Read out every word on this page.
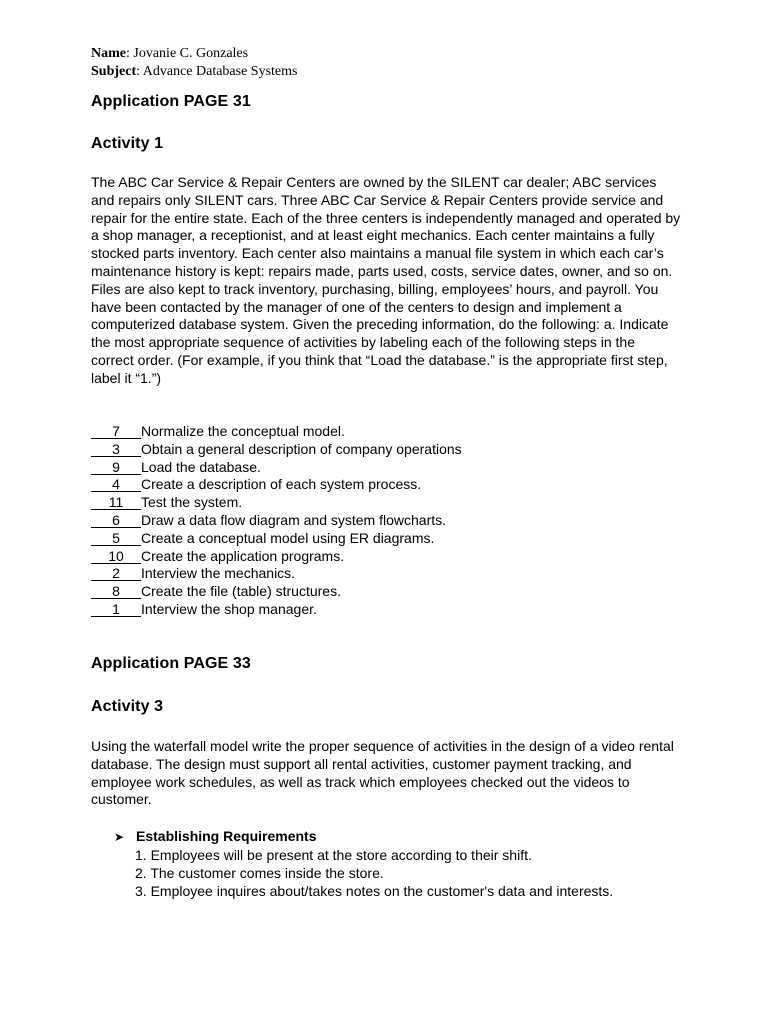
Name: Jovanie C. Gonzales
Subject: Advance Database Systems
Application PAGE 31
Activity 1

The ABC Car Service & Repair Centers are owned by the SILENT car dealer; ABC services and repairs only SILENT cars. Three ABC Car Service & Repair Centers provide service and repair for the entire state. Each of the three centers is independently managed and operated by a shop manager, a receptionist, and at least eight mechanics. Each center maintains a fully stocked parts inventory. Each center also maintains a manual file system in which each car’s maintenance history is kept: repairs made, parts used, costs, service dates, owner, and so on. Files are also kept to track inventory, purchasing, billing, employees’ hours, and payroll. You have been contacted by the manager of one of the centers to design and implement a computerized database system. Given the preceding information, do the following: a. Indicate the most appropriate sequence of activities by labeling each of the following steps in the correct order. (For example, if you think that “Load the database.” is the appropriate first step, label it “1.”)

7 Normalize the conceptual model.
3 Obtain a general description of company operations
9 Load the database.
4 Create a description of each system process.
11 Test the system.
6 Draw a data flow diagram and system flowcharts.
5 Create a conceptual model using ER diagrams.
10 Create the application programs.
2 Interview the mechanics.
8 Create the file (table) structures.
1 Interview the shop manager.
Application PAGE 33
Activity 3

Using the waterfall model write the proper sequence of activities in the design of a video rental database. The design must support all rental activities, customer payment tracking, and employee work schedules, as well as track which employees checked out the videos to customer.

➤ Establishing Requirements
1. Employees will be present at the store according to their shift.
2. The customer comes inside the store.
3. Employee inquires about/takes notes on the customer's data and interests.
